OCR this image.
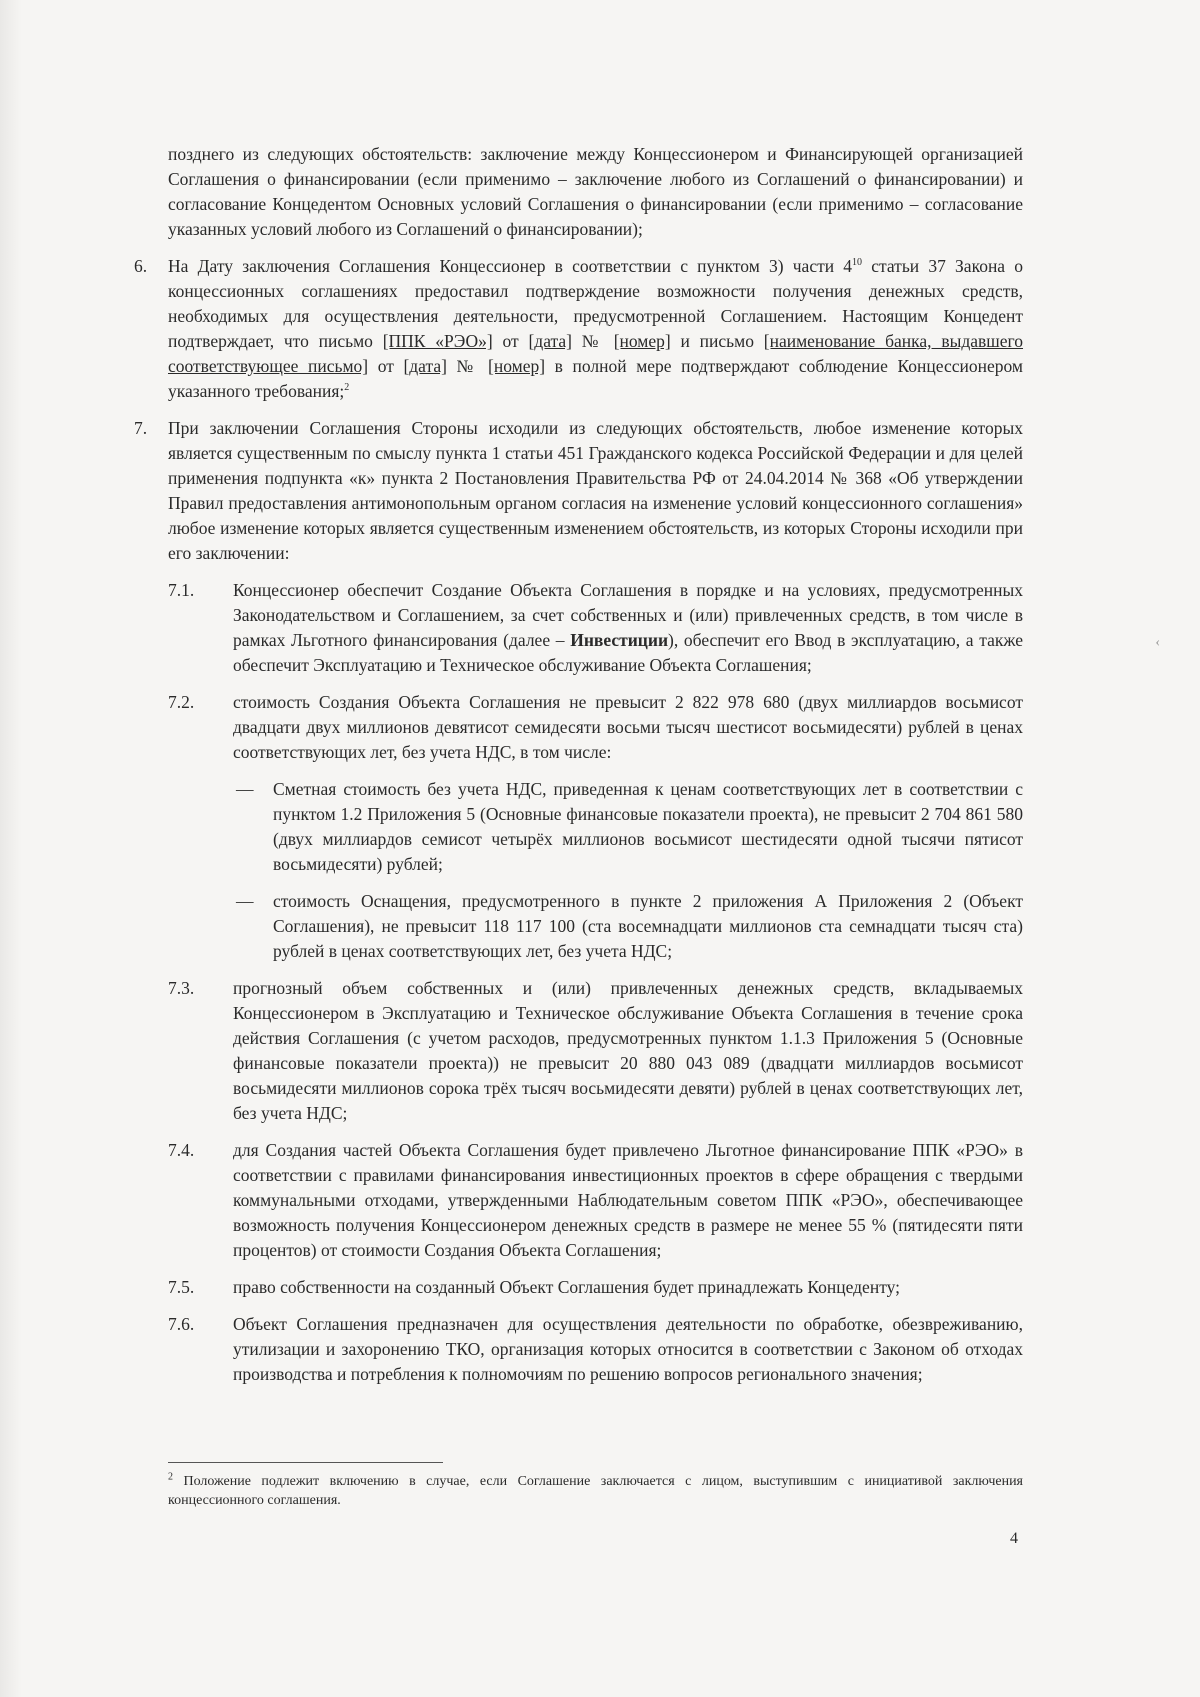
‹

позднего из следующих обстоятельств: заключение между Концессионером и Финансирующей организацией Соглашения о финансировании (если применимо – заключение любого из Соглашений о финансировании) и согласование Концедентом Основных условий Соглашения о финансировании (если применимо – согласование указанных условий любого из Соглашений о финансировании);

6. На Дату заключения Соглашения Концессионер в соответствии с пунктом 3) части $4^{10}$ статьи 37 Закона о концессионных соглашениях предоставил подтверждение возможности получения денежных средств, необходимых для осуществления деятельности, предусмотренной Соглашением. Настоящим Концедент подтверждает, что письмо [ППК «РЭО»] от [дата] № [номер] и письмо [наименование банка, выдавшего соответствующее письмо] от [дата] № [номер] в полной мере подтверждают соблюдение Концессионером указанного требования;$^2$

7. При заключении Соглашения Стороны исходили из следующих обстоятельств, любое изменение которых является существенным по смыслу пункта 1 статьи 451 Гражданского кодекса Российской Федерации и для целей применения подпункта «к» пункта 2 Постановления Правительства РФ от 24.04.2014 № 368 «Об утверждении Правил предоставления антимонопольным органом согласия на изменение условий концессионного соглашения» любое изменение которых является существенным изменением обстоятельств, из которых Стороны исходили при его заключении:

7.1. Концессионер обеспечит Создание Объекта Соглашения в порядке и на условиях, предусмотренных Законодательством и Соглашением, за счет собственных и (или) привлеченных средств, в том числе в рамках Льготного финансирования (далее – Инвестиции), обеспечит его Ввод в эксплуатацию, а также обеспечит Эксплуатацию и Техническое обслуживание Объекта Соглашения;

7.2. стоимость Создания Объекта Соглашения не превысит 2 822 978 680 (двух миллиардов восьмисот двадцати двух миллионов девятисот семидесяти восьми тысяч шестисот восьмидесяти) рублей в ценах соответствующих лет, без учета НДС, в том числе:

— Сметная стоимость без учета НДС, приведенная к ценам соответствующих лет в соответствии с пунктом 1.2 Приложения 5 (Основные финансовые показатели проекта), не превысит 2 704 861 580 (двух миллиардов семисот четырёх миллионов восьмисот шестидесяти одной тысячи пятисот восьмидесяти) рублей;

— стоимость Оснащения, предусмотренного в пункте 2 приложения А Приложения 2 (Объект Соглашения), не превысит 118 117 100 (ста восемнадцати миллионов ста семнадцати тысяч ста) рублей в ценах соответствующих лет, без учета НДС;

7.3. прогнозный объем собственных и (или) привлеченных денежных средств, вкладываемых Концессионером в Эксплуатацию и Техническое обслуживание Объекта Соглашения в течение срока действия Соглашения (с учетом расходов, предусмотренных пунктом 1.1.3 Приложения 5 (Основные финансовые показатели проекта)) не превысит 20 880 043 089 (двадцати миллиардов восьмисот восьмидесяти миллионов сорока трёх тысяч восьмидесяти девяти) рублей в ценах соответствующих лет, без учета НДС;

7.4. для Создания частей Объекта Соглашения будет привлечено Льготное финансирование ППК «РЭО» в соответствии с правилами финансирования инвестиционных проектов в сфере обращения с твердыми коммунальными отходами, утвержденными Наблюдательным советом ППК «РЭО», обеспечивающее возможность получения Концессионером денежных средств в размере не менее 55 % (пятидесяти пяти процентов) от стоимости Создания Объекта Соглашения;

7.5. право собственности на созданный Объект Соглашения будет принадлежать Концеденту;

7.6. Объект Соглашения предназначен для осуществления деятельности по обработке, обезвреживанию, утилизации и захоронению ТКО, организация которых относится в соответствии с Законом об отходах производства и потребления к полномочиям по решению вопросов регионального значения;

$^2$ Положение подлежит включению в случае, если Соглашение заключается с лицом, выступившим с инициативой заключения концессионного соглашения.

4
